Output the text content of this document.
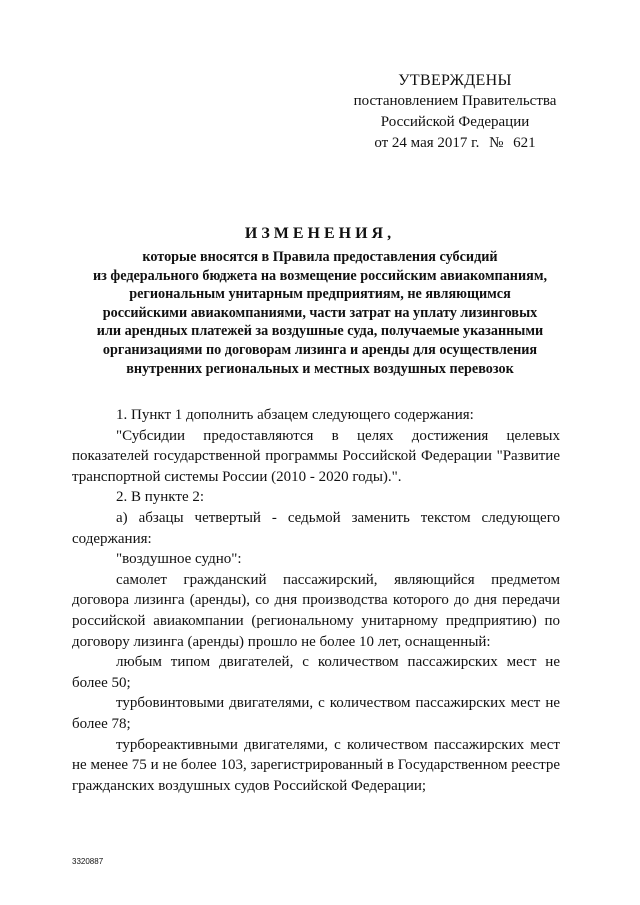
УТВЕРЖДЕНЫ
постановлением Правительства
Российской Федерации
от 24 мая 2017 г. № 621
ИЗМЕНЕНИЯ,
которые вносятся в Правила предоставления субсидий
из федерального бюджета на возмещение российским авиакомпаниям,
региональным унитарным предприятиям, не являющимся
российскими авиакомпаниями, части затрат на уплату лизинговых
или арендных платежей за воздушные суда, получаемые указанными
организациями по договорам лизинга и аренды для осуществления
внутренних региональных и местных воздушных перевозок

1. Пункт 1 дополнить абзацем следующего содержания:

"Субсидии предоставляются в целях достижения целевых показателей государственной программы Российской Федерации "Развитие транспортной системы России (2010 - 2020 годы).".

2. В пункте 2:

а) абзацы четвертый - седьмой заменить текстом следующего содержания:

"воздушное судно":

самолет гражданский пассажирский, являющийся предметом договора лизинга (аренды), со дня производства которого до дня передачи российской авиакомпании (региональному унитарному предприятию) по договору лизинга (аренды) прошло не более 10 лет, оснащенный:

любым типом двигателей, с количеством пассажирских мест не более 50;

турбовинтовыми двигателями, с количеством пассажирских мест не более 78;

турбореактивными двигателями, с количеством пассажирских мест не менее 75 и не более 103, зарегистрированный в Государственном реестре гражданских воздушных судов Российской Федерации;

3320887
